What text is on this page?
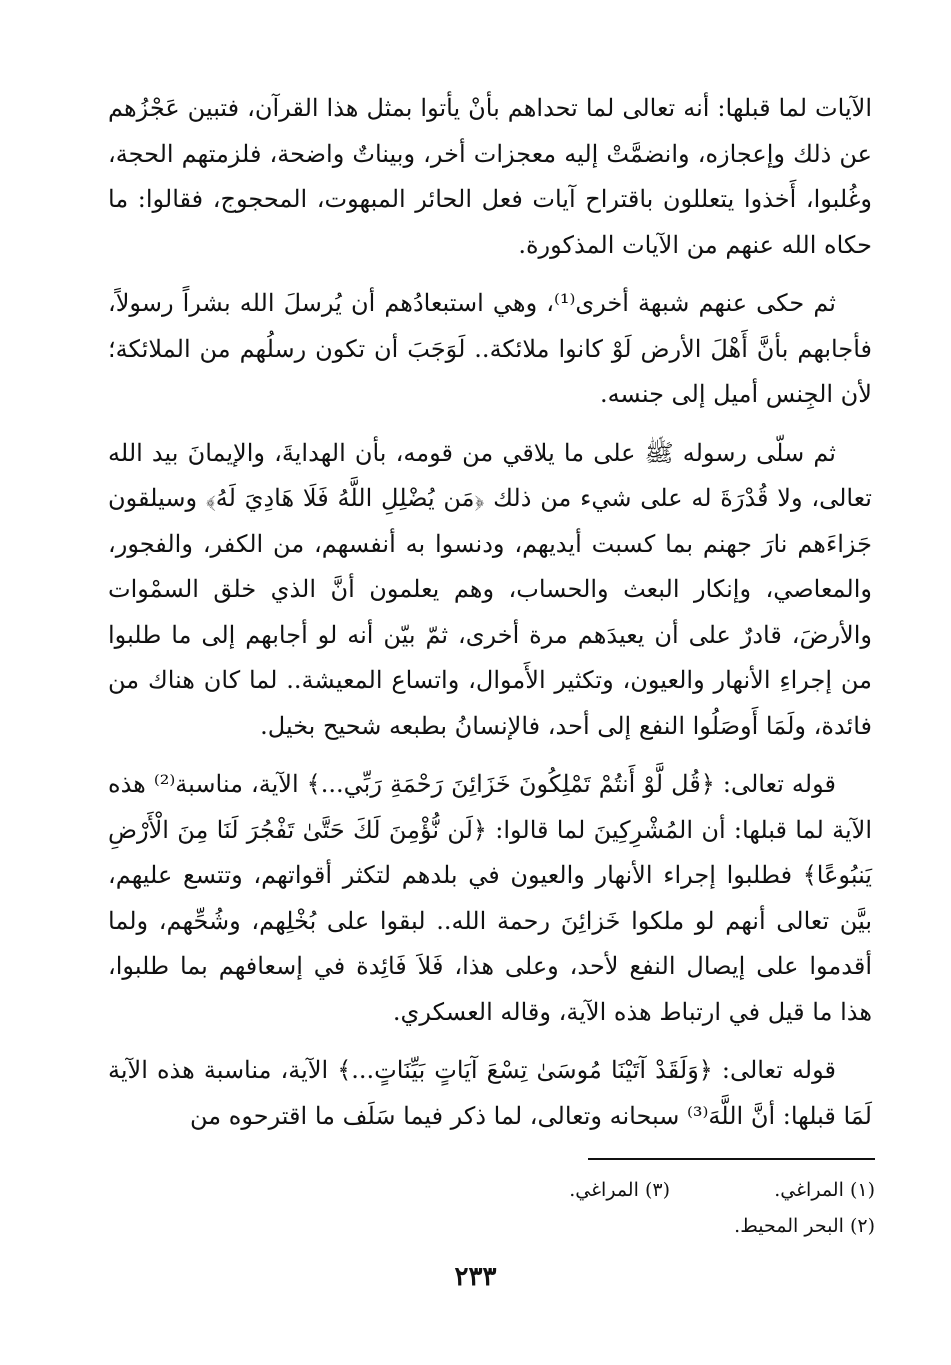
الآيات لما قبلها: أنه تعالى لما تحداهم بأنْ يأتوا بمثل هذا القرآن، فتبين عَجْزُهم عن ذلك وإعجازه، وانضمَّتْ إليه معجزات أخر، وبيناتٌ واضحة، فلزمتهم الحجة، وغُلبوا، أَخذوا يتعللون باقتراح آيات فعل الحائر المبهوت، المحجوج، فقالوا: ما حكاه الله عنهم من الآيات المذكورة.

ثم حكى عنهم شبهة أخرى⁽¹⁾، وهي استبعادُهم أن يُرسلَ الله بشراً رسولاً، فأجابهم بأنَّ أَهْلَ الأرض لَوْ كانوا ملائكة.. لَوَجَبَ أن تكون رسلُهم من الملائكة؛ لأن الجِنس أميل إلى جنسه.

ثم سلّى رسوله ﷺ على ما يلاقي من قومه، بأن الهدايةَ، والإيمانَ بيد الله تعالى، ولا قُدْرَةَ له على شيء من ذلك ﴿مَن يُضْلِلِ اللَّهُ فَلَا هَادِيَ لَهُ﴾ وسيلقون جَزاءَهم نارَ جهنم بما كسبت أيديهم، ودنسوا به أنفسهم، من الكفر، والفجور، والمعاصي، وإنكار البعث والحساب، وهم يعلمون أنَّ الذي خلق السمْوات والأرضَ، قادرٌ على أن يعيدَهم مرة أخرى، ثمّ بيّن أنه لو أجابهم إلى ما طلبوا من إجراءِ الأنهار والعيون، وتكثير الأَموال، واتساع المعيشة.. لما كان هناك من فائدة، ولَمَا أَوصَلُوا النفع إلى أحد، فالإنسانُ بطبعه شحيح بخيل.

قوله تعالى: ﴿قُل لَّوْ أَنتُمْ تَمْلِكُونَ خَزَائِنَ رَحْمَةِ رَبِّي...﴾ الآية، مناسبة⁽²⁾ هذه الآية لما قبلها: أن المُشْرِكِينَ لما قالوا: ﴿لَن نُّؤْمِنَ لَكَ حَتَّىٰ تَفْجُرَ لَنَا مِنَ الْأَرْضِ يَنبُوعًا﴾ فطلبوا إجراء الأنهار والعيون في بلدهم لتكثر أقواتهم، وتتسع عليهم، بيَّن تعالى أنهم لو ملكوا خَزائِنَ رحمة الله.. لبقوا على بُخْلِهم، وشُحِّهم، ولما أقدموا على إيصال النفع لأحد، وعلى هذا، فَلاَ فَائِدة في إسعافهم بما طلبوا، هذا ما قيل في ارتباط هذه الآية، وقاله العسكري.

قوله تعالى: ﴿وَلَقَدْ آتَيْنَا مُوسَىٰ تِسْعَ آيَاتٍ بَيِّنَاتٍ...﴾ الآية، مناسبة هذه الآية لَمَا قبلها: أنَّ اللَّهَ⁽³⁾ سبحانه وتعالى، لما ذكر فيما سَلَف ما اقترحوه من

(١) المراغي.
(٣) المراغي.
(٢) البحر المحيط.
٢٣٣
